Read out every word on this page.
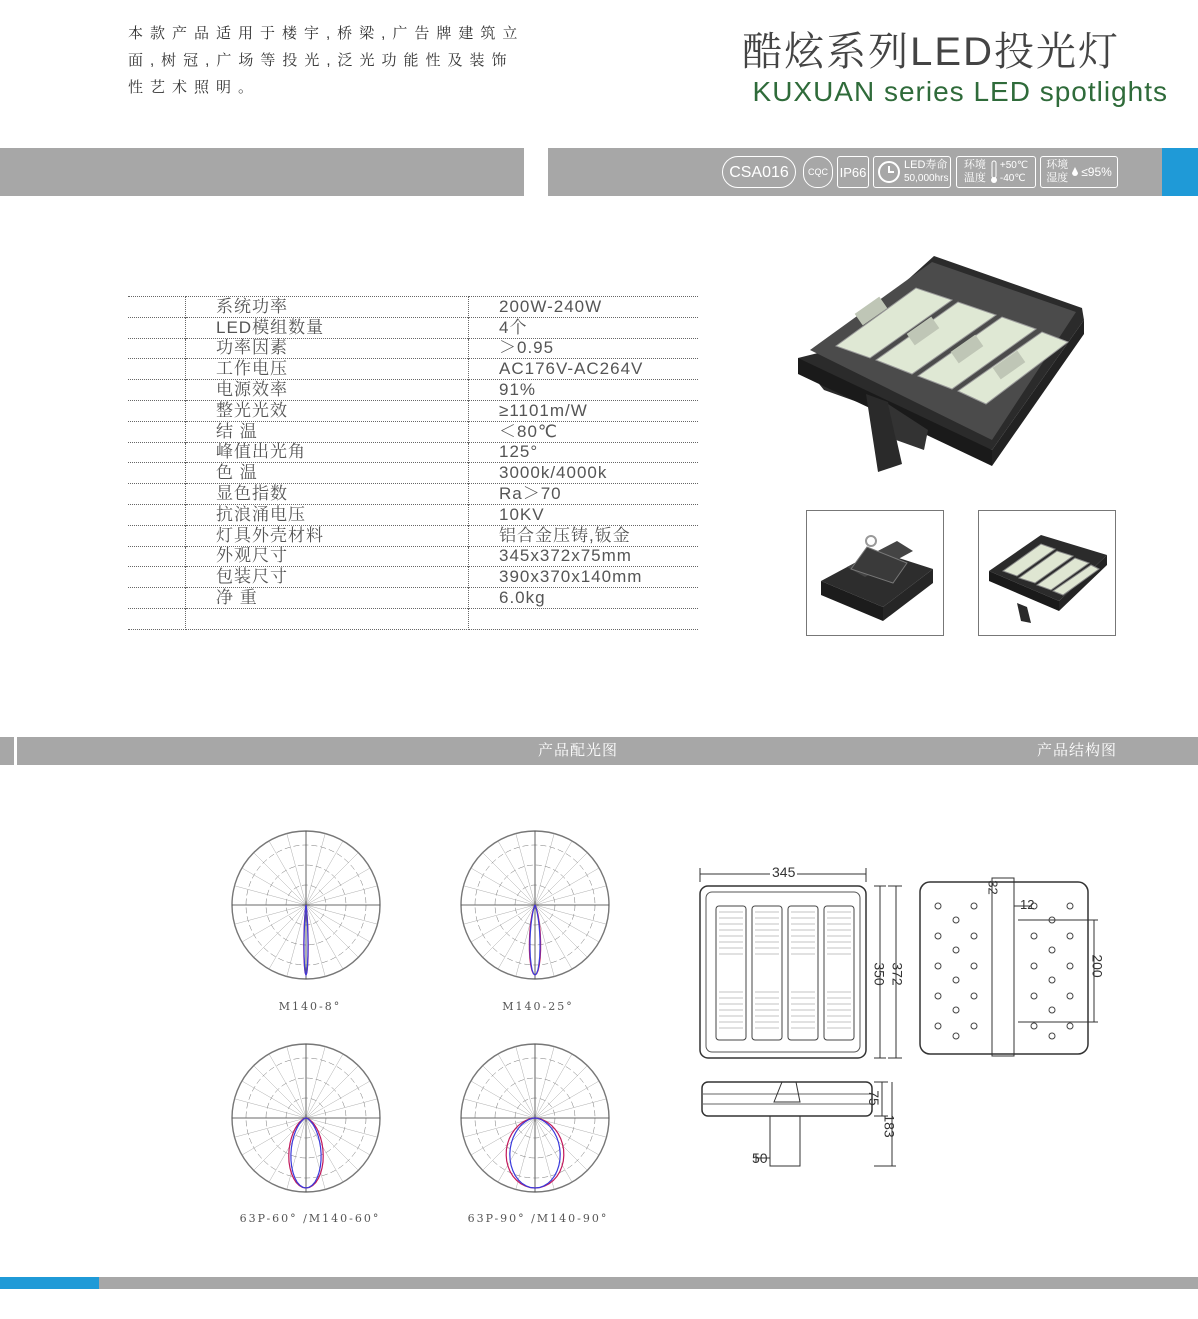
本款产品适用于楼宇,桥梁,广告牌建筑立面,树冠,广场等投光,泛光功能性及装饰性艺术照明。
酷炫系列LED投光灯
KUXUAN series LED spotlights
CSA016	CQC IP66	LED寿命
50,000hrs
环境 温度
+50℃
-40℃
环境 湿度	≤95%
	系统功率	200W-240W
	LED模组数量	4个
	功率因素	＞0.95
	工作电压	AC176V-AC264V
	电源效率	91%
	整光光效	≥1101m/W
	结 温	＜80℃
	峰值出光角	125°
	色 温	3000k/4000k
	显色指数	Ra＞70
	抗浪涌电压	10KV
	灯具外壳材料	铝合金压铸,钣金
	外观尺寸	345x372x75mm
	包装尺寸	390x370x140mm
	净 重	6.0kg

产品配光图	产品结构图
M140-8°	M140-25°
63P-60° /M140-60°	63P-90° /M140-90°
345
350 372
32
12
200
75
183
50
